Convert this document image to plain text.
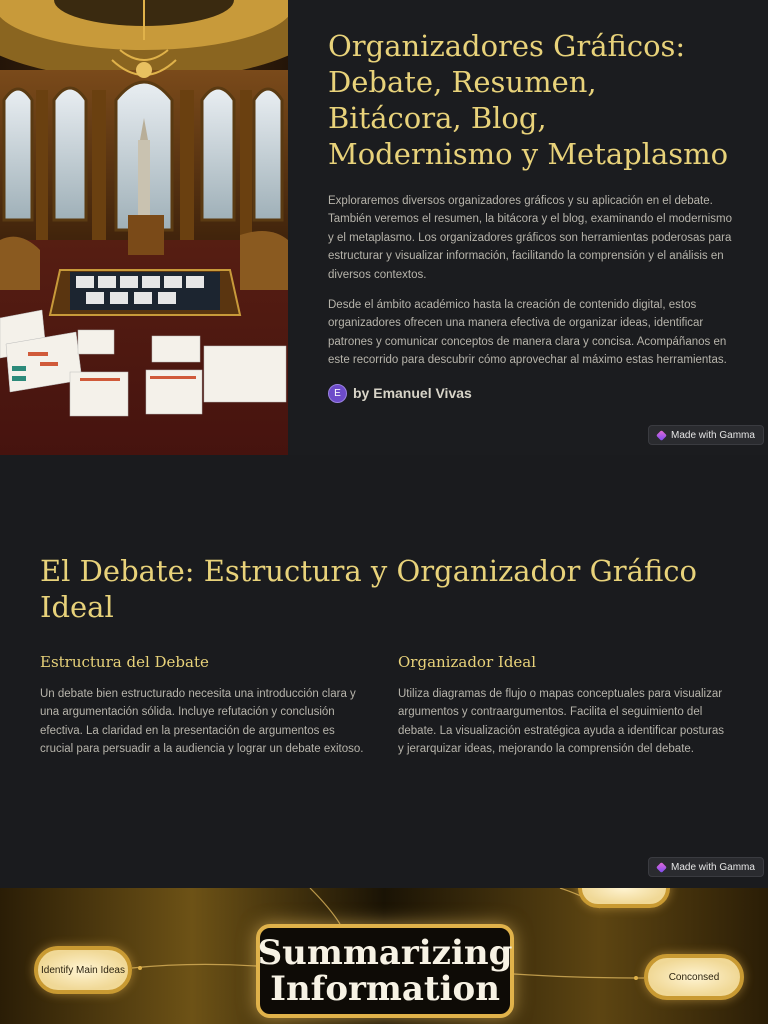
Organizadores Gráficos: Debate, Resumen, Bitácora, Blog, Modernismo y Metaplasmo

Exploraremos diversos organizadores gráficos y su aplicación en el debate. También veremos el resumen, la bitácora y el blog, examinando el modernismo y el metaplasmo. Los organizadores gráficos son herramientas poderosas para estructurar y visualizar información, facilitando la comprensión y el análisis en diversos contextos.

Desde el ámbito académico hasta la creación de contenido digital, estos organizadores ofrecen una manera efectiva de organizar ideas, identificar patrones y comunicar conceptos de manera clara y concisa. Acompáñanos en este recorrido para descubrir cómo aprovechar al máximo estas herramientas.

E by Emanuel Vivas
Made with Gamma
El Debate: Estructura y Organizador Gráfico Ideal
Estructura del Debate

Un debate bien estructurado necesita una introducción clara y una argumentación sólida. Incluye refutación y conclusión efectiva. La claridad en la presentación de argumentos es crucial para persuadir a la audiencia y lograr un debate exitoso.

Organizador Ideal

Utiliza diagramas de flujo o mapas conceptuales para visualizar argumentos y contraargumentos. Facilita el seguimiento del debate. La visualización estratégica ayuda a identificar posturas y jerarquizar ideas, mejorando la comprensión del debate.

Made with Gamma
Identify Main Ideas	Summarizing Information	Conconsed
